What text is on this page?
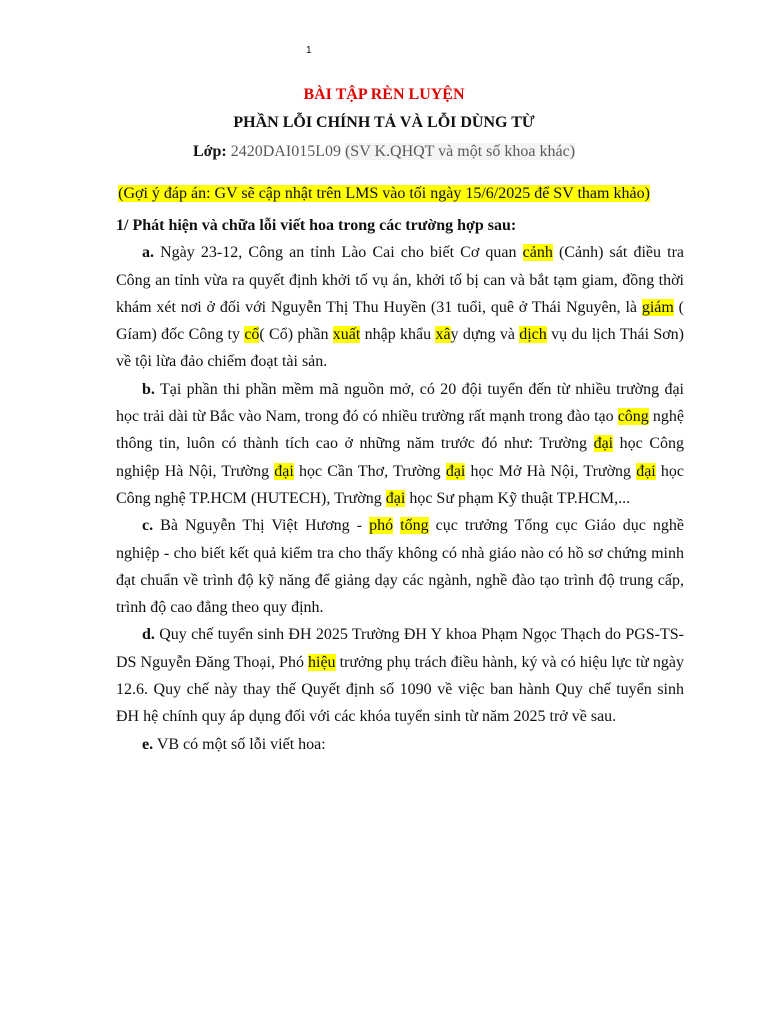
1
BÀI TẬP RÈN LUYỆN
PHẦN LỖI CHÍNH TẢ VÀ LỖI DÙNG TỪ
Lớp: 2420DAI015L09 (SV K.QHQT và một số khoa khác)
(Gợi ý đáp án: GV sẽ cập nhật trên LMS vào tối ngày 15/6/2025 để SV tham khảo)

1/ Phát hiện và chữa lỗi viết hoa trong các trường hợp sau:

a. Ngày 23-12, Công an tỉnh Lào Cai cho biết Cơ quan cảnh (Cảnh) sát điều tra Công an tỉnh vừa ra quyết định khởi tố vụ án, khởi tố bị can và bắt tạm giam, đồng thời khám xét nơi ở đối với Nguyễn Thị Thu Huyền (31 tuổi, quê ở Thái Nguyên, là giám ( Gíam) đốc Công ty cổ( Cổ) phần xuất nhập khẩu xây dựng và dịch vụ du lịch Thái Sơn) về tội lừa đảo chiếm đoạt tài sản.

b. Tại phần thi phần mềm mã nguồn mở, có 20 đội tuyển đến từ nhiều trường đại học trải dài từ Bắc vào Nam, trong đó có nhiều trường rất mạnh trong đào tạo công nghệ thông tin, luôn có thành tích cao ở những năm trước đó như: Trường đại học Công nghiệp Hà Nội, Trường đại học Cần Thơ, Trường đại học Mở Hà Nội, Trường đại học Công nghệ TP.HCM (HUTECH), Trường đại học Sư phạm Kỹ thuật TP.HCM,...

c. Bà Nguyễn Thị Việt Hương - phó tổng cục trưởng Tổng cục Giáo dục nghề nghiệp - cho biết kết quả kiểm tra cho thấy không có nhà giáo nào có hồ sơ chứng minh đạt chuẩn về trình độ kỹ năng để giảng dạy các ngành, nghề đào tạo trình độ trung cấp, trình độ cao đẳng theo quy định.

d. Quy chế tuyển sinh ĐH 2025 Trường ĐH Y khoa Phạm Ngọc Thạch do PGS-TS-DS Nguyễn Đăng Thoại, Phó hiệu trưởng phụ trách điều hành, ký và có hiệu lực từ ngày 12.6. Quy chế này thay thế Quyết định số 1090 về việc ban hành Quy chế tuyển sinh ĐH hệ chính quy áp dụng đối với các khóa tuyển sinh từ năm 2025 trở về sau.

e. VB có một số lỗi viết hoa:
